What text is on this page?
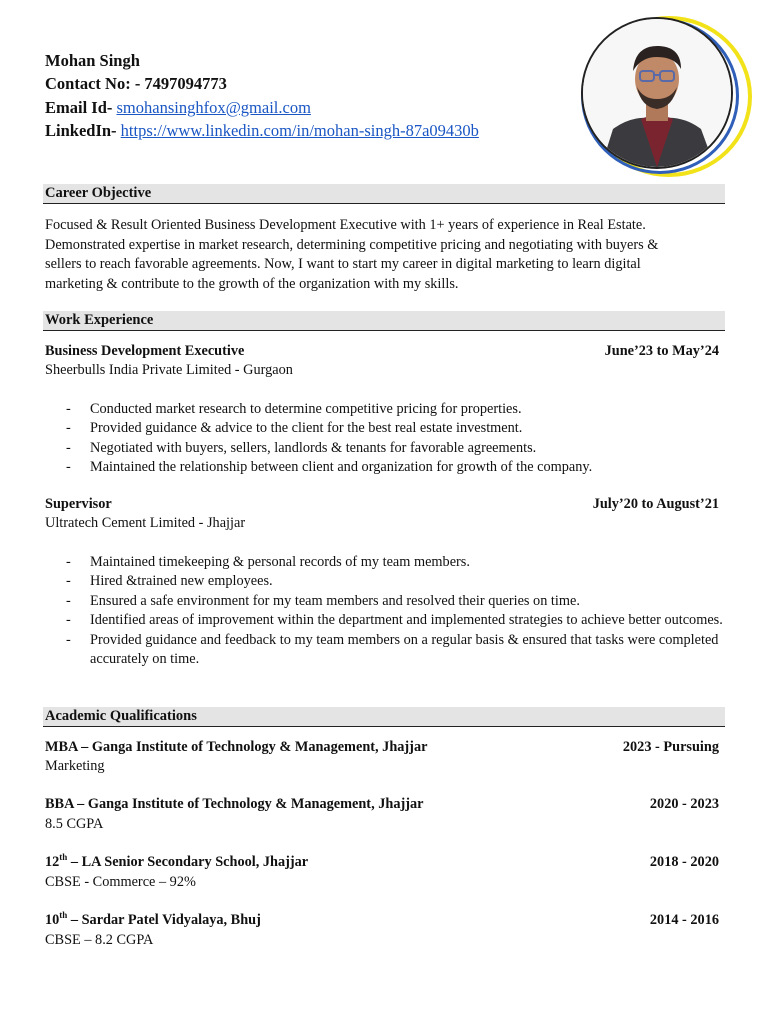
Mohan Singh
Contact No: - 7497094773
Email Id- smohansinghfox@gmail.com
LinkedIn- https://www.linkedin.com/in/mohan-singh-87a09430b
Career Objective
Focused & Result Oriented Business Development Executive with 1+ years of experience in Real Estate.
Demonstrated expertise in market research, determining competitive pricing and negotiating with buyers &
sellers to reach favorable agreements. Now, I want to start my career in digital marketing to learn digital
marketing & contribute to the growth of the organization with my skills.
Work Experience
Business Development Executive	June’23 to May’24
Sheerbulls India Private Limited - Gurgaon
- Conducted market research to determine competitive pricing for properties.
- Provided guidance & advice to the client for the best real estate investment.
- Negotiated with buyers, sellers, landlords & tenants for favorable agreements.
- Maintained the relationship between client and organization for growth of the company.
Supervisor	July’20 to August’21
Ultratech Cement Limited - Jhajjar
- Maintained timekeeping & personal records of my team members.
- Hired &trained new employees.
- Ensured a safe environment for my team members and resolved their queries on time.
- Identified areas of improvement within the department and implemented strategies to achieve better outcomes.
- Provided guidance and feedback to my team members on a regular basis & ensured that tasks were completed accurately on time.
Academic Qualifications
MBA – Ganga Institute of Technology & Management, Jhajjar	2023 - Pursuing
Marketing
BBA – Ganga Institute of Technology & Management, Jhajjar	2020 - 2023
8.5 CGPA
12th – LA Senior Secondary School, Jhajjar	2018 - 2020
CBSE - Commerce – 92%
10th – Sardar Patel Vidyalaya, Bhuj	2014 - 2016
CBSE – 8.2 CGPA
